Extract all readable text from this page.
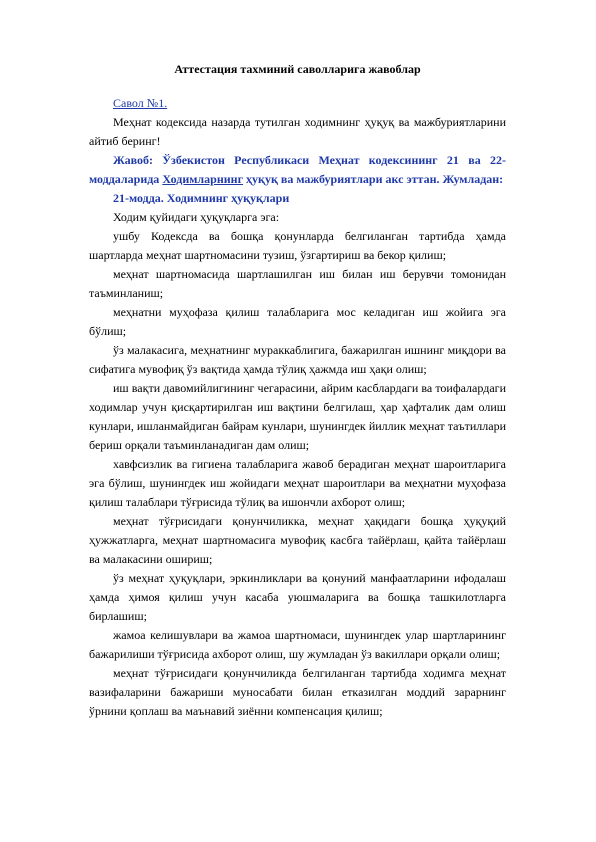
Аттестация тахминий саволларига жавоблар

Савол №1.

Меҳнат кодексида назарда тутилган ходимнинг ҳуқуқ ва мажбуриятларини айтиб беринг!

Жавоб: Ўзбекистон Республикаси Меҳнат кодексининг 21 ва 22-моддаларида Ходимларнинг ҳуқуқ ва мажбуриятлари акс эттан. Жумладан:

21-модда. Ходимнинг ҳуқуқлари

Ходим қуйидаги ҳуқуқларга эга:

ушбу Кодексда ва бошқа қонунларда белгиланган тартибда ҳамда шартларда меҳнат шартномасини тузиш, ўзгартириш ва бекор қилиш;

меҳнат шартномасида шартлашилган иш билан иш берувчи томонидан таъминланиш;

меҳнатни муҳофаза қилиш талабларига мос келадиган иш жойига эга бўлиш;

ўз малакасига, меҳнатнинг мураккаблигига, бажарилган ишнинг миқдори ва сифатига мувофиқ ўз вақтида ҳамда тўлиқ ҳажмда иш ҳақи олиш;

иш вақти давомийлигининг чегарасини, айрим касблардаги ва тоифалардаги ходимлар учун қисқартирилган иш вақтини белгилаш, ҳар ҳафталик дам олиш кунлари, ишланмайдиган байрам кунлари, шунингдек йиллик меҳнат таътиллари бериш орқали таъминланадиган дам олиш;

хавфсизлик ва гигиена талабларига жавоб берадиган меҳнат шароитларига эга бўлиш, шунингдек иш жойидаги меҳнат шароитлари ва меҳнатни муҳофаза қилиш талаблари тўғрисида тўлиқ ва ишончли ахборот олиш;

меҳнат тўғрисидаги қонунчиликка, меҳнат ҳақидаги бошқа ҳуқуқий ҳужжатларга, меҳнат шартномасига мувофиқ касбга тайёрлаш, қайта тайёрлаш ва малакасини ошириш;

ўз меҳнат ҳуқуқлари, эркинликлари ва қонуний манфаатларини ифодалаш ҳамда ҳимоя қилиш учун касаба уюшмаларига ва бошқа ташкилотларга бирлашиш;

жамоа келишувлари ва жамоа шартномаси, шунингдек улар шартларининг бажарилиши тўғрисида ахборот олиш, шу жумладан ўз вакиллари орқали олиш;

меҳнат тўғрисидаги қонунчиликда белгиланган тартибда ходимга меҳнат вазифаларини бажариши муносабати билан етказилган моддий зарарнинг ўрнини қоплаш ва маънавий зиённи компенсация қилиш;
